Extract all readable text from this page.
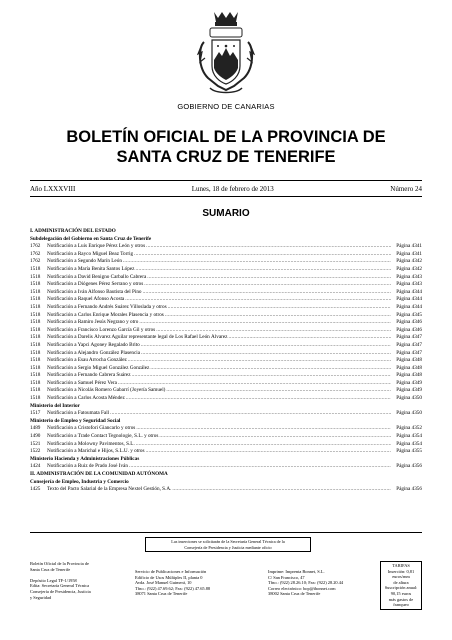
GOBIERNO DE CANARIAS
BOLETÍN OFICIAL DE LA PROVINCIA DE
SANTA CRUZ DE TENERIFE
Año LXXXVIII	Lunes, 18 de febrero de 2013	Número 24
SUMARIO
I. ADMINISTRACIÓN DEL ESTADO
Subdelegación del Gobierno en Santa Cruz de Tenerife
1762	Notificación a Luis Enrique Pérez León y otros .....	Página 4341
1762	Notificación a Rayco Miguel Beaz Torrig .....	Página 4341
1762	Notificación a Segundo Marín León .....	Página 4342
1518	Notificación a María Benita Santos López .....	Página 4342
1518	Notificación a David Benigno Carballo Cabrera .....	Página 4343
1518	Notificación a Diógenes Pérez Serrano y otros .....	Página 4343
1518	Notificación a Iván Alfonso Bautista del Pino .....	Página 4344
1518	Notificación a Raquel Afonso Acosta .....	Página 4344
1518	Notificación a Fernando Andrés Suárez Villoslada y otros .....	Página 4344
1518	Notificación a Carlos Enrique Morales Plasencia y otros .....	Página 4345
1518	Notificación a Ramiro Jesús Negrano y otro .....	Página 4346
1518	Notificación a Francisco Lorenzo García Gil y otros .....	Página 4346
1518	Notificación a Darelis Álvarez Aguilar representante legal de Los Rafael León Álvarez .....	Página 4347
1518	Notificación a Yapci Agoney Regalado Brito .....	Página 4347
1518	Notificación a Alejandro González Plasencia .....	Página 4347
1518	Notificación a Esau Arrocha González .....	Página 4348
1518	Notificación a Sergio Miguel González González .....	Página 4348
1518	Notificación a Fernando Cabrera Suárez .....	Página 4348
1518	Notificación a Samuel Pérez Vera .....	Página 4349
1518	Notificación a Nicolás Romero Gabarrí (Joyería Samuel) .....	Página 4349
1518	Notificación a Carlos Acosta Méndez .....	Página 4350
Ministerio del Interior
1517	Notificación a Fatoumata Fall .....	Página 4350
Ministerio de Empleo y Seguridad Social
1489	Notificación a Cristofori Giancarlo y otros .....	Página 4352
1490	Notificación a Trade Contact Tegnologie, S.L. y otros .....	Página 4354
1521	Notificación a Molowny Pavimentos, S.L. .....	Página 4354
1522	Notificación a Marichal e Hijos, S.L.U. y otros .....	Página 4355
Ministerio Hacienda y Administraciones Públicas
1424	Notificación a Ruiz de Prado José Iván .....	Página 4356
II. ADMINISTRACIÓN DE LA COMUNIDAD AUTÓNOMA
Consejería de Empleo, Industria y Comercio
1425	Texto del Pacto Salarial de la Empresa Nextel Gestión, S.A. .....	Página 4356
Las inserciones se solicitarán de la Secretaría General Técnica de la
Consejería de Presidencia y Justicia mediante oficio
Boletín Oficial de la Provincia de
Santa Cruz de Tenerife

Depósito Legal TF-1/1958
Edita: Secretaría General Técnica
Consejería de Presidencia, Justicia
y Seguridad
Servicio de Publicaciones e Información
Edificio de Usos Múltiples II, planta 0
Avda. José Manuel Guimerá, 10
Tfno.: (922) 47.69.62; Fax: (922) 47.65.88
38071 Santa Cruz de Tenerife
Imprime: Imprenta Bonnet, S.L.
C/ San Francisco, 47
Tfno.: (922) 28.26.10; Fax: (922) 28.20.44
Correo electrónico: bop@ibonnet.com
38002 Santa Cruz de Tenerife
TARIFAS
Inserción: 0,81 euros/mm
de altura
Suscripción anual: 90,15 euros
más gastos de franqueo
